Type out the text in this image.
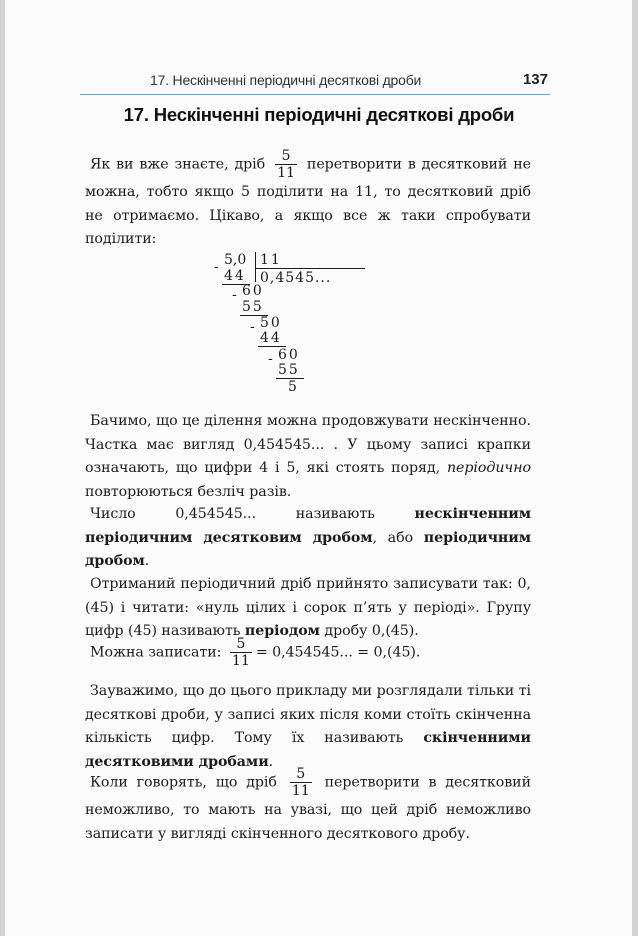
17. Нескінченні періодичні десяткові дроби	137
17. Нескінченні періодичні десяткові дроби
Як ви вже знаєте, дріб $\frac{5}{11}$ перетворити в десятковий не можна, тобто якщо 5 поділити на 11, то десятковий дріб не отримаємо. Цікаво, а якщо все ж таки спробувати поділити:
- 5,0 11
0,4545...
44
- 60
55
- 50
44
- 60
55
5
Бачимо, що це ділення можна продовжувати нескінченно. Частка має вигляд 0,454545... . У цьому записі крапки означають, що цифри 4 і 5, які стоять поряд, періодично повторюються безліч разів.
Число 0,454545... називають	нескінченним періодичним десятковим дробом, або періодичним дробом.
Отриманий періодичний дріб прийнято записувати так: 0,(45) і читати: «нуль цілих і сорок п’ять у періоді». Групу цифр (45) називають періодом дробу 0,(45).
Можна записати: $\frac{5}{11} = 0,454545$... = 0,(45).
Зауважимо, що до цього прикладу ми розглядали тільки ті десяткові дроби, у записі яких після коми стоїть скінченна кількість цифр. Тому їх називають скінченними десятковими дробами.
Коли говорять, що дріб $\frac{5}{11}$ перетворити в десятковий неможливо, то мають на увазі, що цей дріб неможливо записати у вигляді скінченного десяткового дробу.
